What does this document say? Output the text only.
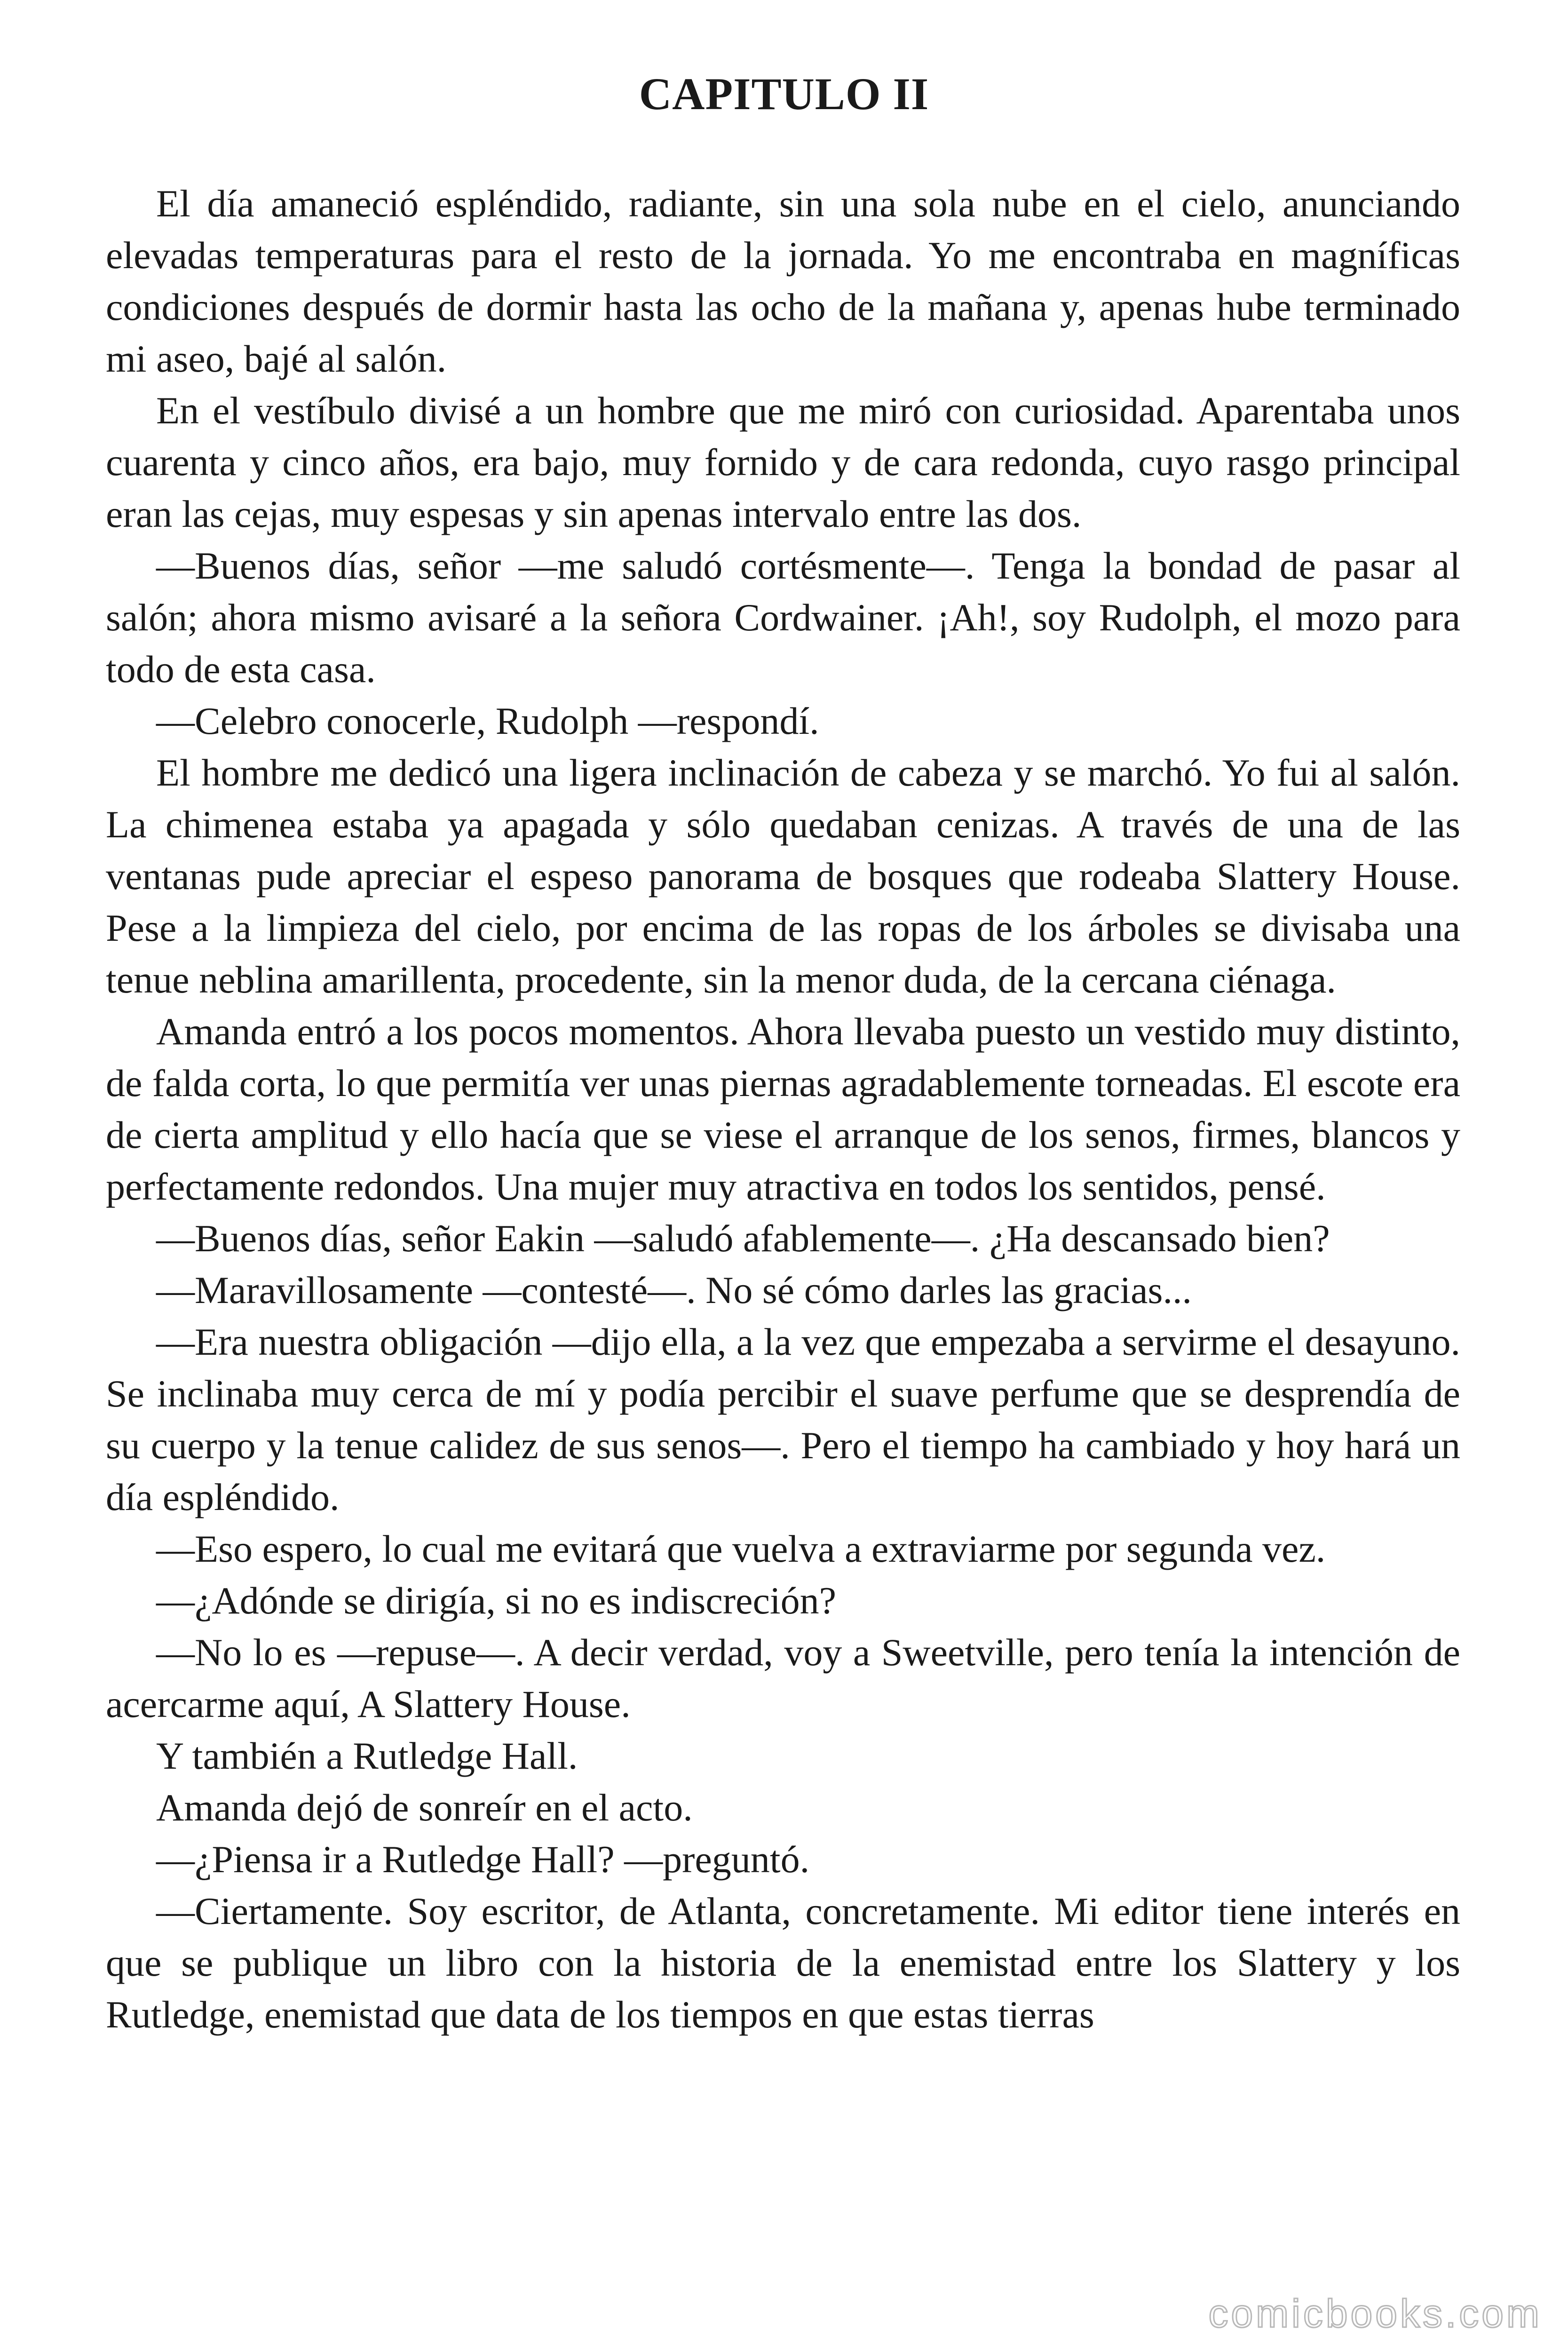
CAPITULO II

El día amaneció espléndido, radiante, sin una sola nube en el cielo, anunciando elevadas temperaturas para el resto de la jornada. Yo me encontraba en magníficas condiciones después de dormir hasta las ocho de la mañana y, apenas hube terminado mi aseo, bajé al salón.

En el vestíbulo divisé a un hombre que me miró con curiosidad. Aparentaba unos cuarenta y cinco años, era bajo, muy fornido y de cara redonda, cuyo rasgo principal eran las cejas, muy espesas y sin apenas intervalo entre las dos.

—Buenos días, señor —me saludó cortésmente—. Tenga la bondad de pasar al salón; ahora mismo avisaré a la señora Cordwainer. ¡Ah!, soy Rudolph, el mozo para todo de esta casa.

—Celebro conocerle, Rudolph —respondí.

El hombre me dedicó una ligera inclinación de cabeza y se marchó. Yo fui al salón. La chimenea estaba ya apagada y sólo quedaban cenizas. A través de una de las ventanas pude apreciar el espeso panorama de bosques que rodeaba Slattery House. Pese a la limpieza del cielo, por encima de las ropas de los árboles se divisaba una tenue neblina amarillenta, procedente, sin la menor duda, de la cercana ciénaga.

Amanda entró a los pocos momentos. Ahora llevaba puesto un vestido muy distinto, de falda corta, lo que permitía ver unas piernas agradablemente torneadas. El escote era de cierta amplitud y ello hacía que se viese el arranque de los senos, firmes, blancos y perfectamente redondos. Una mujer muy atractiva en todos los sentidos, pensé.

—Buenos días, señor Eakin —saludó afablemente—. ¿Ha descansado bien?

—Maravillosamente —contesté—. No sé cómo darles las gracias...

—Era nuestra obligación —dijo ella, a la vez que empezaba a servirme el desayuno. Se inclinaba muy cerca de mí y podía percibir el suave perfume que se desprendía de su cuerpo y la tenue calidez de sus senos—. Pero el tiempo ha cambiado y hoy hará un día espléndido.

—Eso espero, lo cual me evitará que vuelva a extraviarme por segunda vez.

—¿Adónde se dirigía, si no es indiscreción?

—No lo es —repuse—. A decir verdad, voy a Sweetville, pero tenía la intención de acercarme aquí, A Slattery House.

Y también a Rutledge Hall.

Amanda dejó de sonreír en el acto.

—¿Piensa ir a Rutledge Hall? —preguntó.

—Ciertamente. Soy escritor, de Atlanta, concretamente. Mi editor tiene interés en que se publique un libro con la historia de la enemistad entre los Slattery y los Rutledge, enemistad que data de los tiempos en que estas tierras

comicbooks.com
